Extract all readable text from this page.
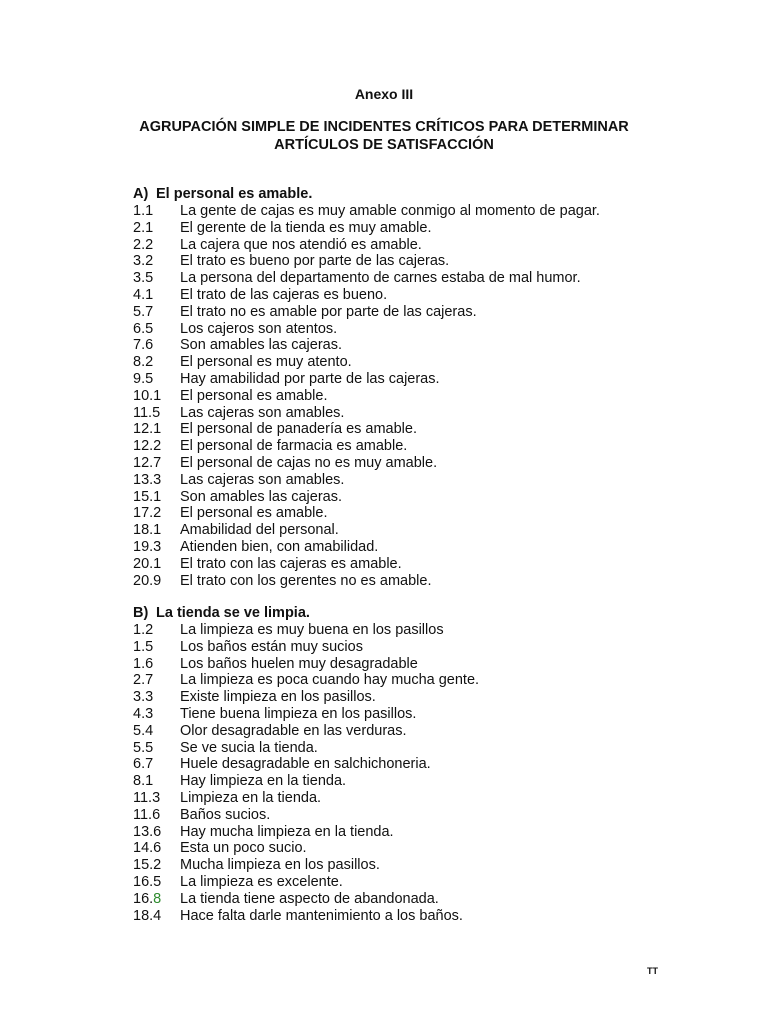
Anexo III
AGRUPACIÓN SIMPLE DE INCIDENTES CRÍTICOS PARA DETERMINAR
ARTÍCULOS DE SATISFACCIÓN
A) El personal es amable.
1.1 La gente de cajas es muy amable conmigo al momento de pagar.
2.1 El gerente de la tienda es muy amable.
2.2 La cajera que nos atendió es amable.
3.2 El trato es bueno por parte de las cajeras.
3.5 La persona del departamento de carnes estaba de mal humor.
4.1 El trato de las cajeras es bueno.
5.7 El trato no es amable por parte de las cajeras.
6.5 Los cajeros son atentos.
7.6 Son amables las cajeras.
8.2 El personal es muy atento.
9.5 Hay amabilidad por parte de las cajeras.
10.1 El personal es amable.
11.5 Las cajeras son amables.
12.1 El personal de panadería es amable.
12.2 El personal de farmacia es amable.
12.7 El personal de cajas no es muy amable.
13.3 Las cajeras son amables.
15.1 Son amables las cajeras.
17.2 El personal es amable.
18.1 Amabilidad del personal.
19.3 Atienden bien, con amabilidad.
20.1 El trato con las cajeras es amable.
20.9 El trato con los gerentes no es amable.
B) La tienda se ve limpia.
1.2 La limpieza es muy buena en los pasillos
1.5 Los baños están muy sucios
1.6 Los baños huelen muy desagradable
2.7 La limpieza es poca cuando hay mucha gente.
3.3 Existe limpieza en los pasillos.
4.3 Tiene buena limpieza en los pasillos.
5.4 Olor desagradable en las verduras.
5.5 Se ve sucia la tienda.
6.7 Huele desagradable en salchichoneria.
8.1 Hay limpieza en la tienda.
11.3 Limpieza en la tienda.
11.6 Baños sucios.
13.6 Hay mucha limpieza en la tienda.
14.6 Esta un poco sucio.
15.2 Mucha limpieza en los pasillos.
16.5 La limpieza es excelente.
16.8 La tienda tiene aspecto de abandonada.
18.4 Hace falta darle mantenimiento a los baños.
TT
